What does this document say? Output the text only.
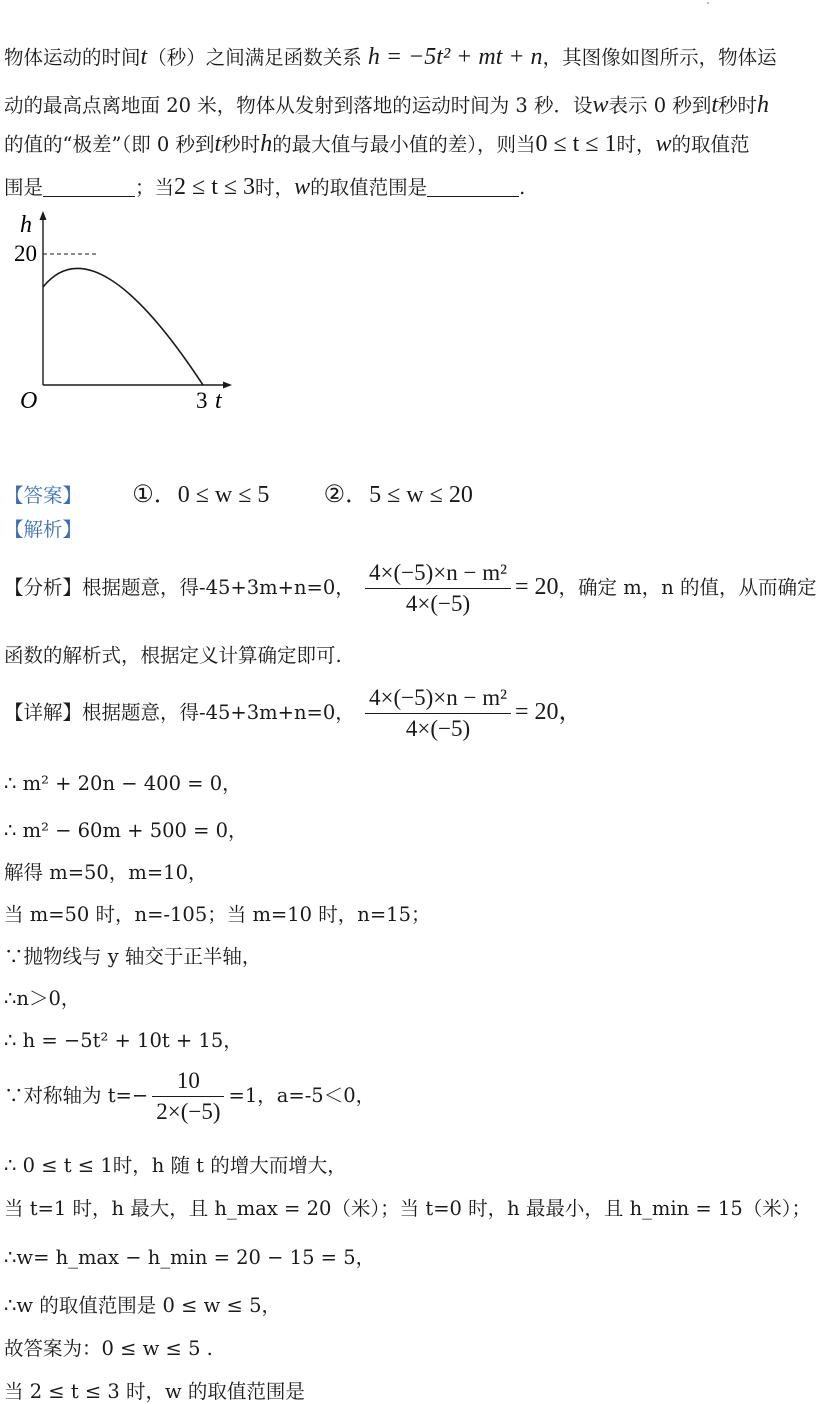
物体运动的时间t（秒）之间满足函数关系 h = −5t² + mt + n，其图像如图所示，物体运
动的最高点离地面 20 米，物体从发射到落地的运动时间为 3 秒．设w表示 0 秒到t秒时h
的值的“极差”（即 0 秒到t秒时h的最大值与最小值的差），则当0 ≤ t ≤ 1时，w的取值范
围是	；当2 ≤ t ≤ 3时，w的取值范围是	.
h
20
O	3 t
【答案】 ①．0 ≤ w ≤ 5 ②．5 ≤ w ≤ 20
【解析】
【分析】根据题意，得-45+3m+n=0， $\frac{\text{4×(−5)×n − m²}}{4\times(-5)} = 20$，确定 m，n 的值，从而确定
函数的解析式，根据定义计算确定即可.
【详解】根据题意，得-45+3m+n=0， $\frac{\text{4×(−5)×n − m²}}{4\times(-5)} = 20$，
∴ m² + 20n − 400 = 0，
∴ m² − 60m + 500 = 0，
解得 m=50，m=10，
当 m=50 时，n=-105；当 m=10 时，n=15；
∵抛物线与 y 轴交于正半轴，
∴n＞0，
∴ h = −5t² + 10t + 15，
∵对称轴为 $t=- \frac{10}{2\times(-5)} =1$，a=-5＜0，
∴ 0 ≤ t ≤ 1时，h 随 t 的增大而增大，
当 t=1 时，h 最大，且 h_max = 20（米）；当 t=0 时，h 最最小，且 h_min = 15（米）；
∴w= h_max − h_min = 20 − 15 = 5，
∴w 的取值范围是 0 ≤ w ≤ 5，
故答案为：0 ≤ w ≤ 5 .
当 2 ≤ t ≤ 3 时，w 的取值范围是
